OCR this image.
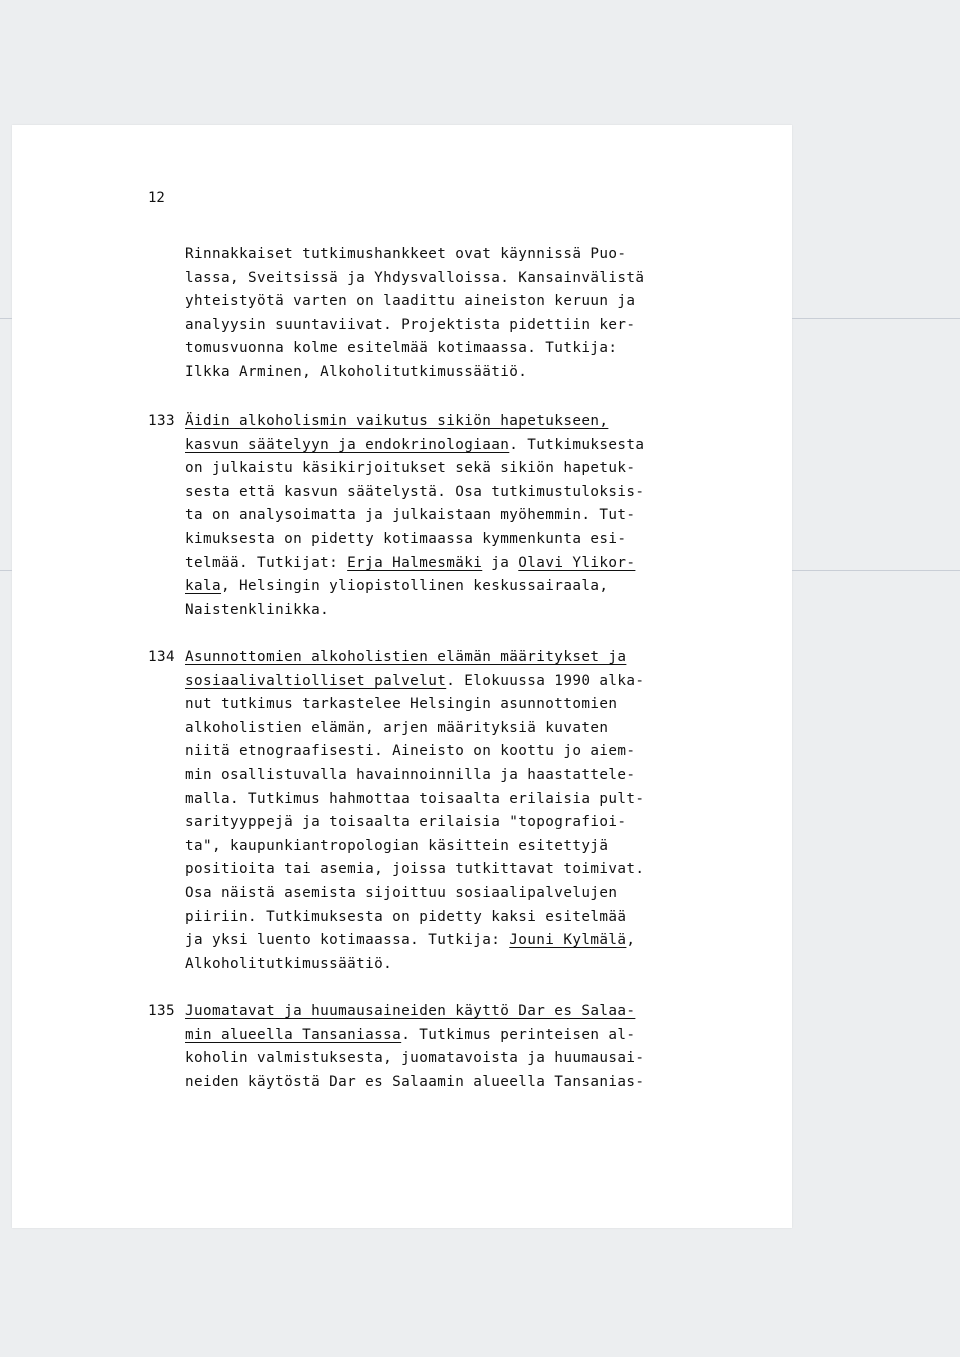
12
Rinnakkaiset tutkimushankkeet ovat käynnissä Puo-
lassa, Sveitsissä ja Yhdysvalloissa. Kansainvälistä
yhteistyötä varten on laadittu aineiston keruun ja
analyysin suuntaviivat. Projektista pidettiin ker-
tomusvuonna kolme esitelmää kotimaassa. Tutkija:
Ilkka Arminen, Alkoholitutkimussäätiö.
133 Äidin alkoholismin vaikutus sikiön hapetukseen,
kasvun säätelyyn ja endokrinologiaan. Tutkimuksesta
on julkaistu käsikirjoitukset sekä sikiön hapetuk-
sesta että kasvun säätelystä. Osa tutkimustuloksis-
ta on analysoimatta ja julkaistaan myöhemmin. Tut-
kimuksesta on pidetty kotimaassa kymmenkunta esi-
telmää. Tutkijat: Erja Halmesmäki ja Olavi Ylikor-
kala, Helsingin yliopistollinen keskussairaala,
Naistenklinikka.
134 Asunnottomien alkoholistien elämän määritykset ja
sosiaalivaltiolliset palvelut. Elokuussa 1990 alka-
nut tutkimus tarkastelee Helsingin asunnottomien
alkoholistien elämän, arjen määrityksiä kuvaten
niitä etnograafisesti. Aineisto on koottu jo aiem-
min osallistuvalla havainnoinnilla ja haastattele-
malla. Tutkimus hahmottaa toisaalta erilaisia pult-
sarityyppejä ja toisaalta erilaisia "topografioi-
ta", kaupunkiantropologian käsittein esitettyjä
positioita tai asemia, joissa tutkittavat toimivat.
Osa näistä asemista sijoittuu sosiaalipalvelujen
piiriin. Tutkimuksesta on pidetty kaksi esitelmää
ja yksi luento kotimaassa. Tutkija: Jouni Kylmälä,
Alkoholitutkimussäätiö.
135 Juomatavat ja huumausaineiden käyttö Dar es Salaa-
min alueella Tansaniassa. Tutkimus perinteisen al-
koholin valmistuksesta, juomatavoista ja huumausai-
neiden käytöstä Dar es Salaamin alueella Tansanias-
